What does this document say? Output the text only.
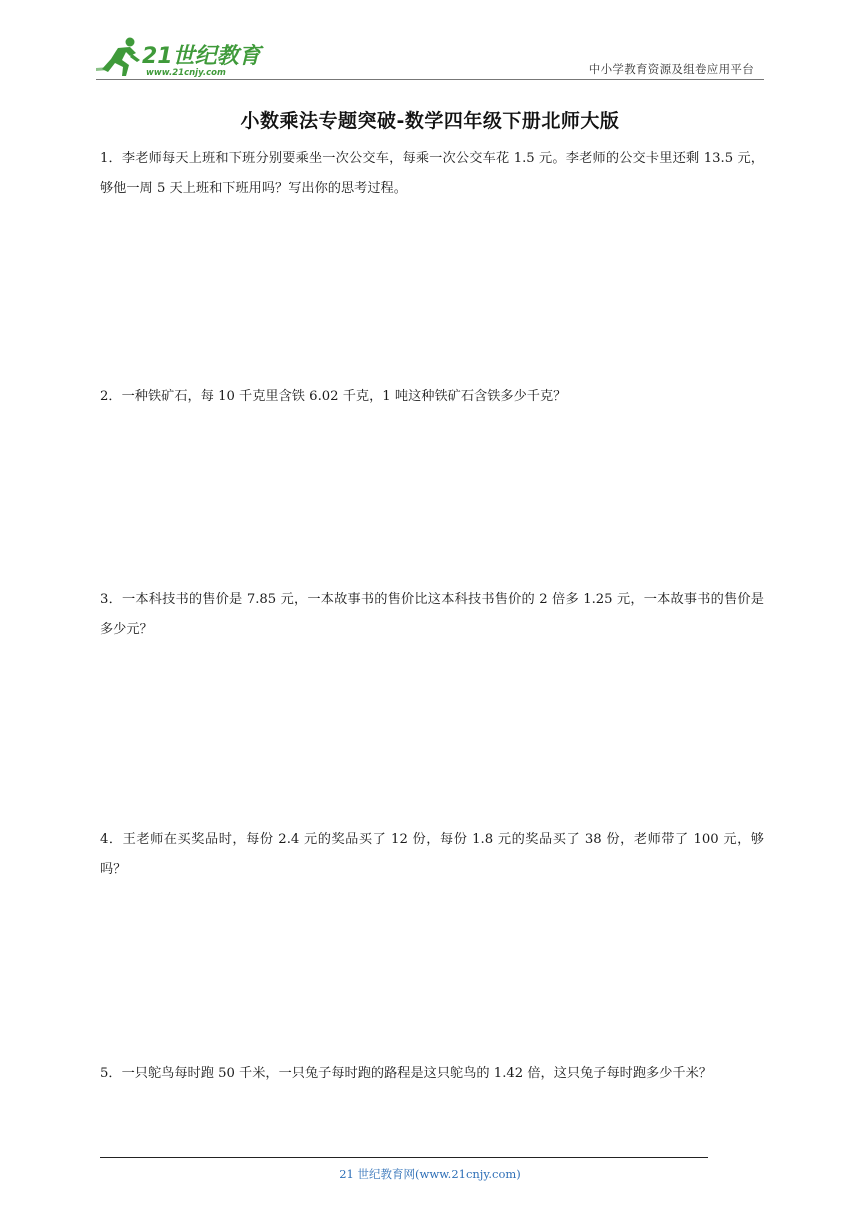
21世纪教育
www.21cnjy.com	中小学教育资源及组卷应用平台
小数乘法专题突破-数学四年级下册北师大版
1．李老师每天上班和下班分别要乘坐一次公交车，每乘一次公交车花 1.5 元。李老师的公交卡里还剩 13.5 元，够他一周 5 天上班和下班用吗？写出你的思考过程。
2．一种铁矿石，每 10 千克里含铁 6.02 千克，1 吨这种铁矿石含铁多少千克？
3．一本科技书的售价是 7.85 元，一本故事书的售价比这本科技书售价的 2 倍多 1.25 元，一本故事书的售价是多少元？
4．王老师在买奖品时，每份 2.4 元的奖品买了 12 份，每份 1.8 元的奖品买了 38 份，老师带了 100 元，够吗？
5．一只鸵鸟每时跑 50 千米，一只兔子每时跑的路程是这只鸵鸟的 1.42 倍，这只兔子每时跑多少千米？
21 世纪教育网(www.21cnjy.com)
